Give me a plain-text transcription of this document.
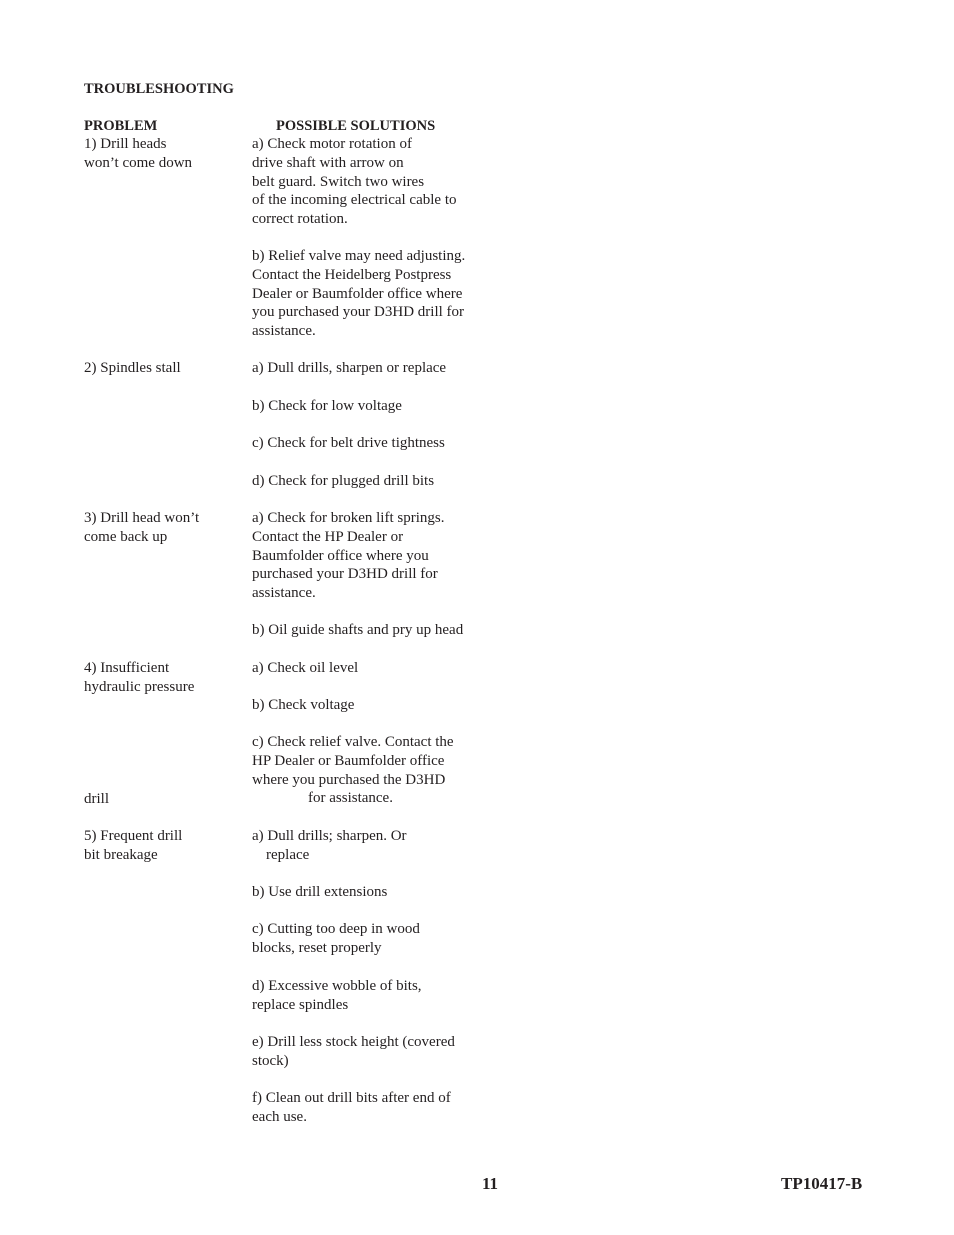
TROUBLESHOOTING
PROBLEM	POSSIBLE SOLUTIONS
1) Drill heads
won’t come down
2) Spindles stall
3) Drill head won’t
come back up
4) Insufficient
hydraulic pressure
drill
5) Frequent drill
bit breakage
a) Check motor rotation of
drive shaft with arrow on
belt guard. Switch two wires
of the incoming electrical cable to
correct rotation.
b) Relief valve may need adjusting.
Contact the Heidelberg Postpress
Dealer or Baumfolder office where
you purchased your D3HD drill for
assistance.
a) Dull drills, sharpen or replace
b) Check for low voltage
c) Check for belt drive tightness
d) Check for plugged drill bits
a) Check for broken lift springs.
Contact the HP Dealer or
Baumfolder office where you
purchased your D3HD drill for
assistance.
b) Oil guide shafts and pry up head
a) Check oil level
b) Check voltage
c) Check relief valve. Contact the
HP Dealer or Baumfolder office
where you purchased the D3HD
for assistance.
a) Dull drills; sharpen. Or
replace
b) Use drill extensions
c) Cutting too deep in wood
blocks, reset properly
d) Excessive wobble of bits,
replace spindles
e) Drill less stock height (covered
stock)
f) Clean out drill bits after end of
each use.
11	TP10417-B
